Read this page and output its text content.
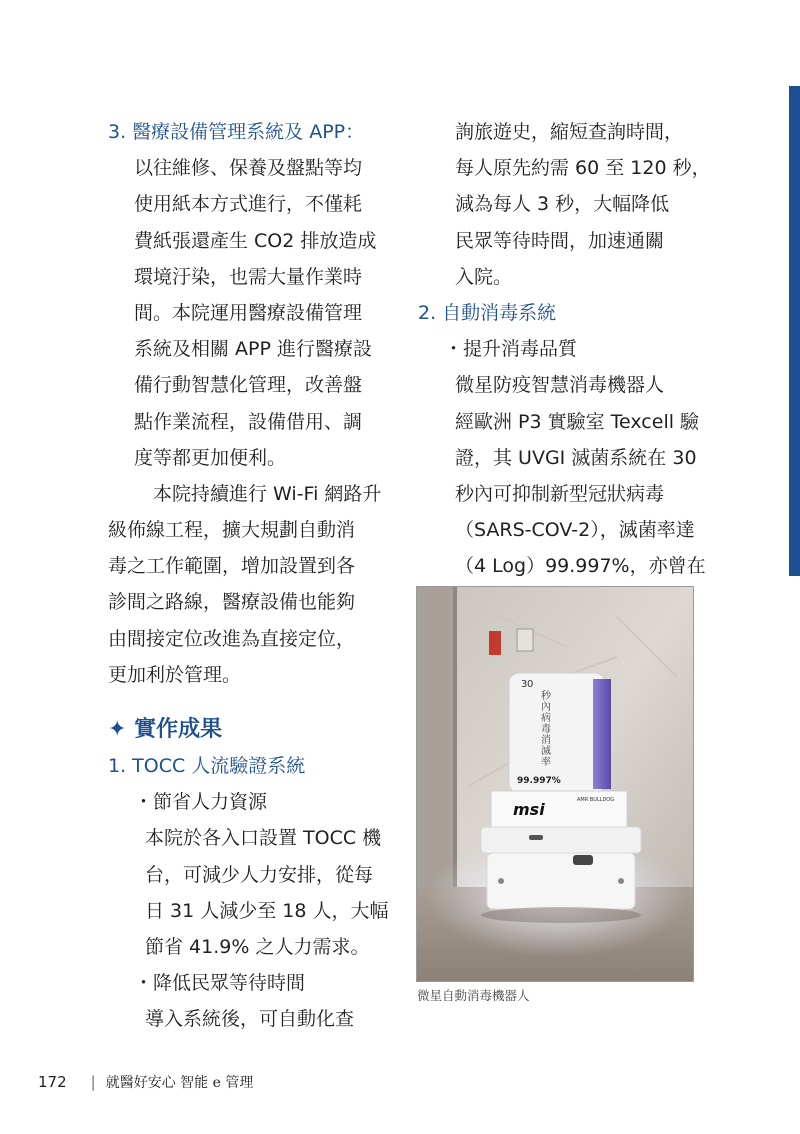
3. 醫療設備管理系統及 APP：
以往維修、保養及盤點等均
使用紙本方式進行，不僅耗
費紙張還產生 CO2 排放造成
環境汙染，也需大量作業時
間。本院運用醫療設備管理
系統及相關 APP 進行醫療設
備行動智慧化管理，改善盤
點作業流程，設備借用、調
度等都更加便利。
　本院持續進行 Wi-Fi 網路升
級佈線工程，擴大規劃自動消
毒之工作範圍，增加設置到各
診間之路線，醫療設備也能夠
由間接定位改進為直接定位，
更加利於管理。
✦ 實作成果
1. TOCC 人流驗證系統
・節省人力資源
本院於各入口設置 TOCC 機
台，可減少人力安排，從每
日 31 人減少至 18 人，大幅
節省 41.9% 之人力需求。
・降低民眾等待時間
導入系統後，可自動化查
詢旅遊史，縮短查詢時間，
每人原先約需 60 至 120 秒，
減為每人 3 秒，大幅降低
民眾等待時間，加速通關
入院。
2. 自動消毒系統
・提升消毒品質
微星防疫智慧消毒機器人
經歐洲 P3 實驗室 Texcell 驗
證，其 UVGI 滅菌系統在 30
秒內可抑制新型冠狀病毒
（SARS-COV-2），滅菌率達
（4 Log）99.997%，亦曾在
30
秒 內 病 毒 消 滅 率
99.997%
msi	AMR BULLDOG
微星自動消毒機器人
172 | 就醫好安心 智能 e 管理
